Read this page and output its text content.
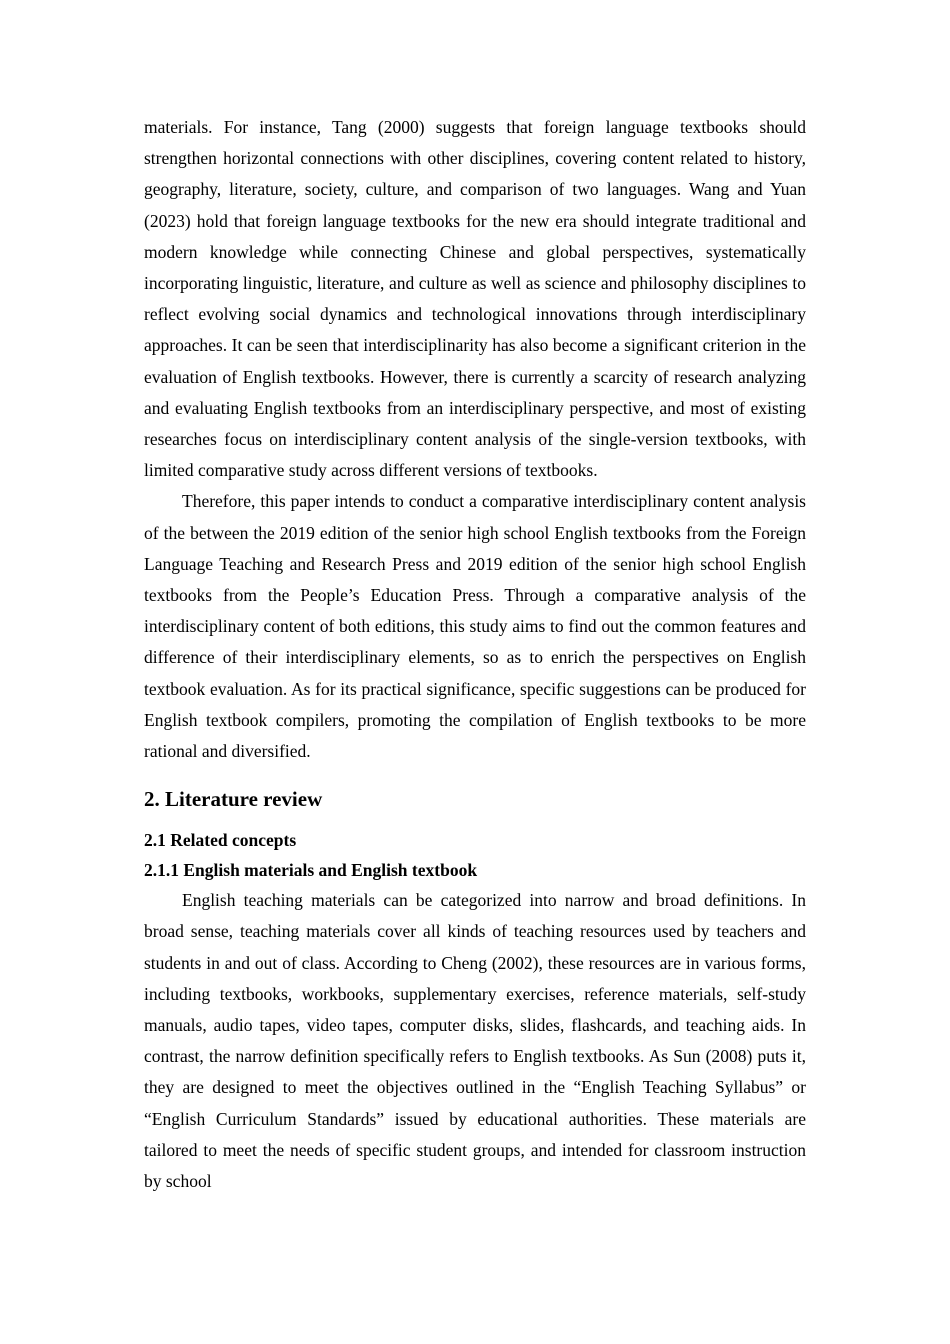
materials. For instance, Tang (2000) suggests that foreign language textbooks should strengthen horizontal connections with other disciplines, covering content related to history, geography, literature, society, culture, and comparison of two languages. Wang and Yuan (2023) hold that foreign language textbooks for the new era should integrate traditional and modern knowledge while connecting Chinese and global perspectives, systematically incorporating linguistic, literature, and culture as well as science and philosophy disciplines to reflect evolving social dynamics and technological innovations through interdisciplinary approaches. It can be seen that interdisciplinarity has also become a significant criterion in the evaluation of English textbooks. However, there is currently a scarcity of research analyzing and evaluating English textbooks from an interdisciplinary perspective, and most of existing researches focus on interdisciplinary content analysis of the single-version textbooks, with limited comparative study across different versions of textbooks.

Therefore, this paper intends to conduct a comparative interdisciplinary content analysis of the between the 2019 edition of the senior high school English textbooks from the Foreign Language Teaching and Research Press and 2019 edition of the senior high school English textbooks from the People’s Education Press. Through a comparative analysis of the interdisciplinary content of both editions, this study aims to find out the common features and difference of their interdisciplinary elements, so as to enrich the perspectives on English textbook evaluation. As for its practical significance, specific suggestions can be produced for English textbook compilers, promoting the compilation of English textbooks to be more rational and diversified.

2. Literature review
2.1 Related concepts
2.1.1 English materials and English textbook

English teaching materials can be categorized into narrow and broad definitions. In broad sense, teaching materials cover all kinds of teaching resources used by teachers and students in and out of class. According to Cheng (2002), these resources are in various forms, including textbooks, workbooks, supplementary exercises, reference materials, self-study manuals, audio tapes, video tapes, computer disks, slides, flashcards, and teaching aids. In contrast, the narrow definition specifically refers to English textbooks. As Sun (2008) puts it, they are designed to meet the objectives outlined in the “English Teaching Syllabus” or “English Curriculum Standards” issued by educational authorities. These materials are tailored to meet the needs of specific student groups, and intended for classroom instruction by school
